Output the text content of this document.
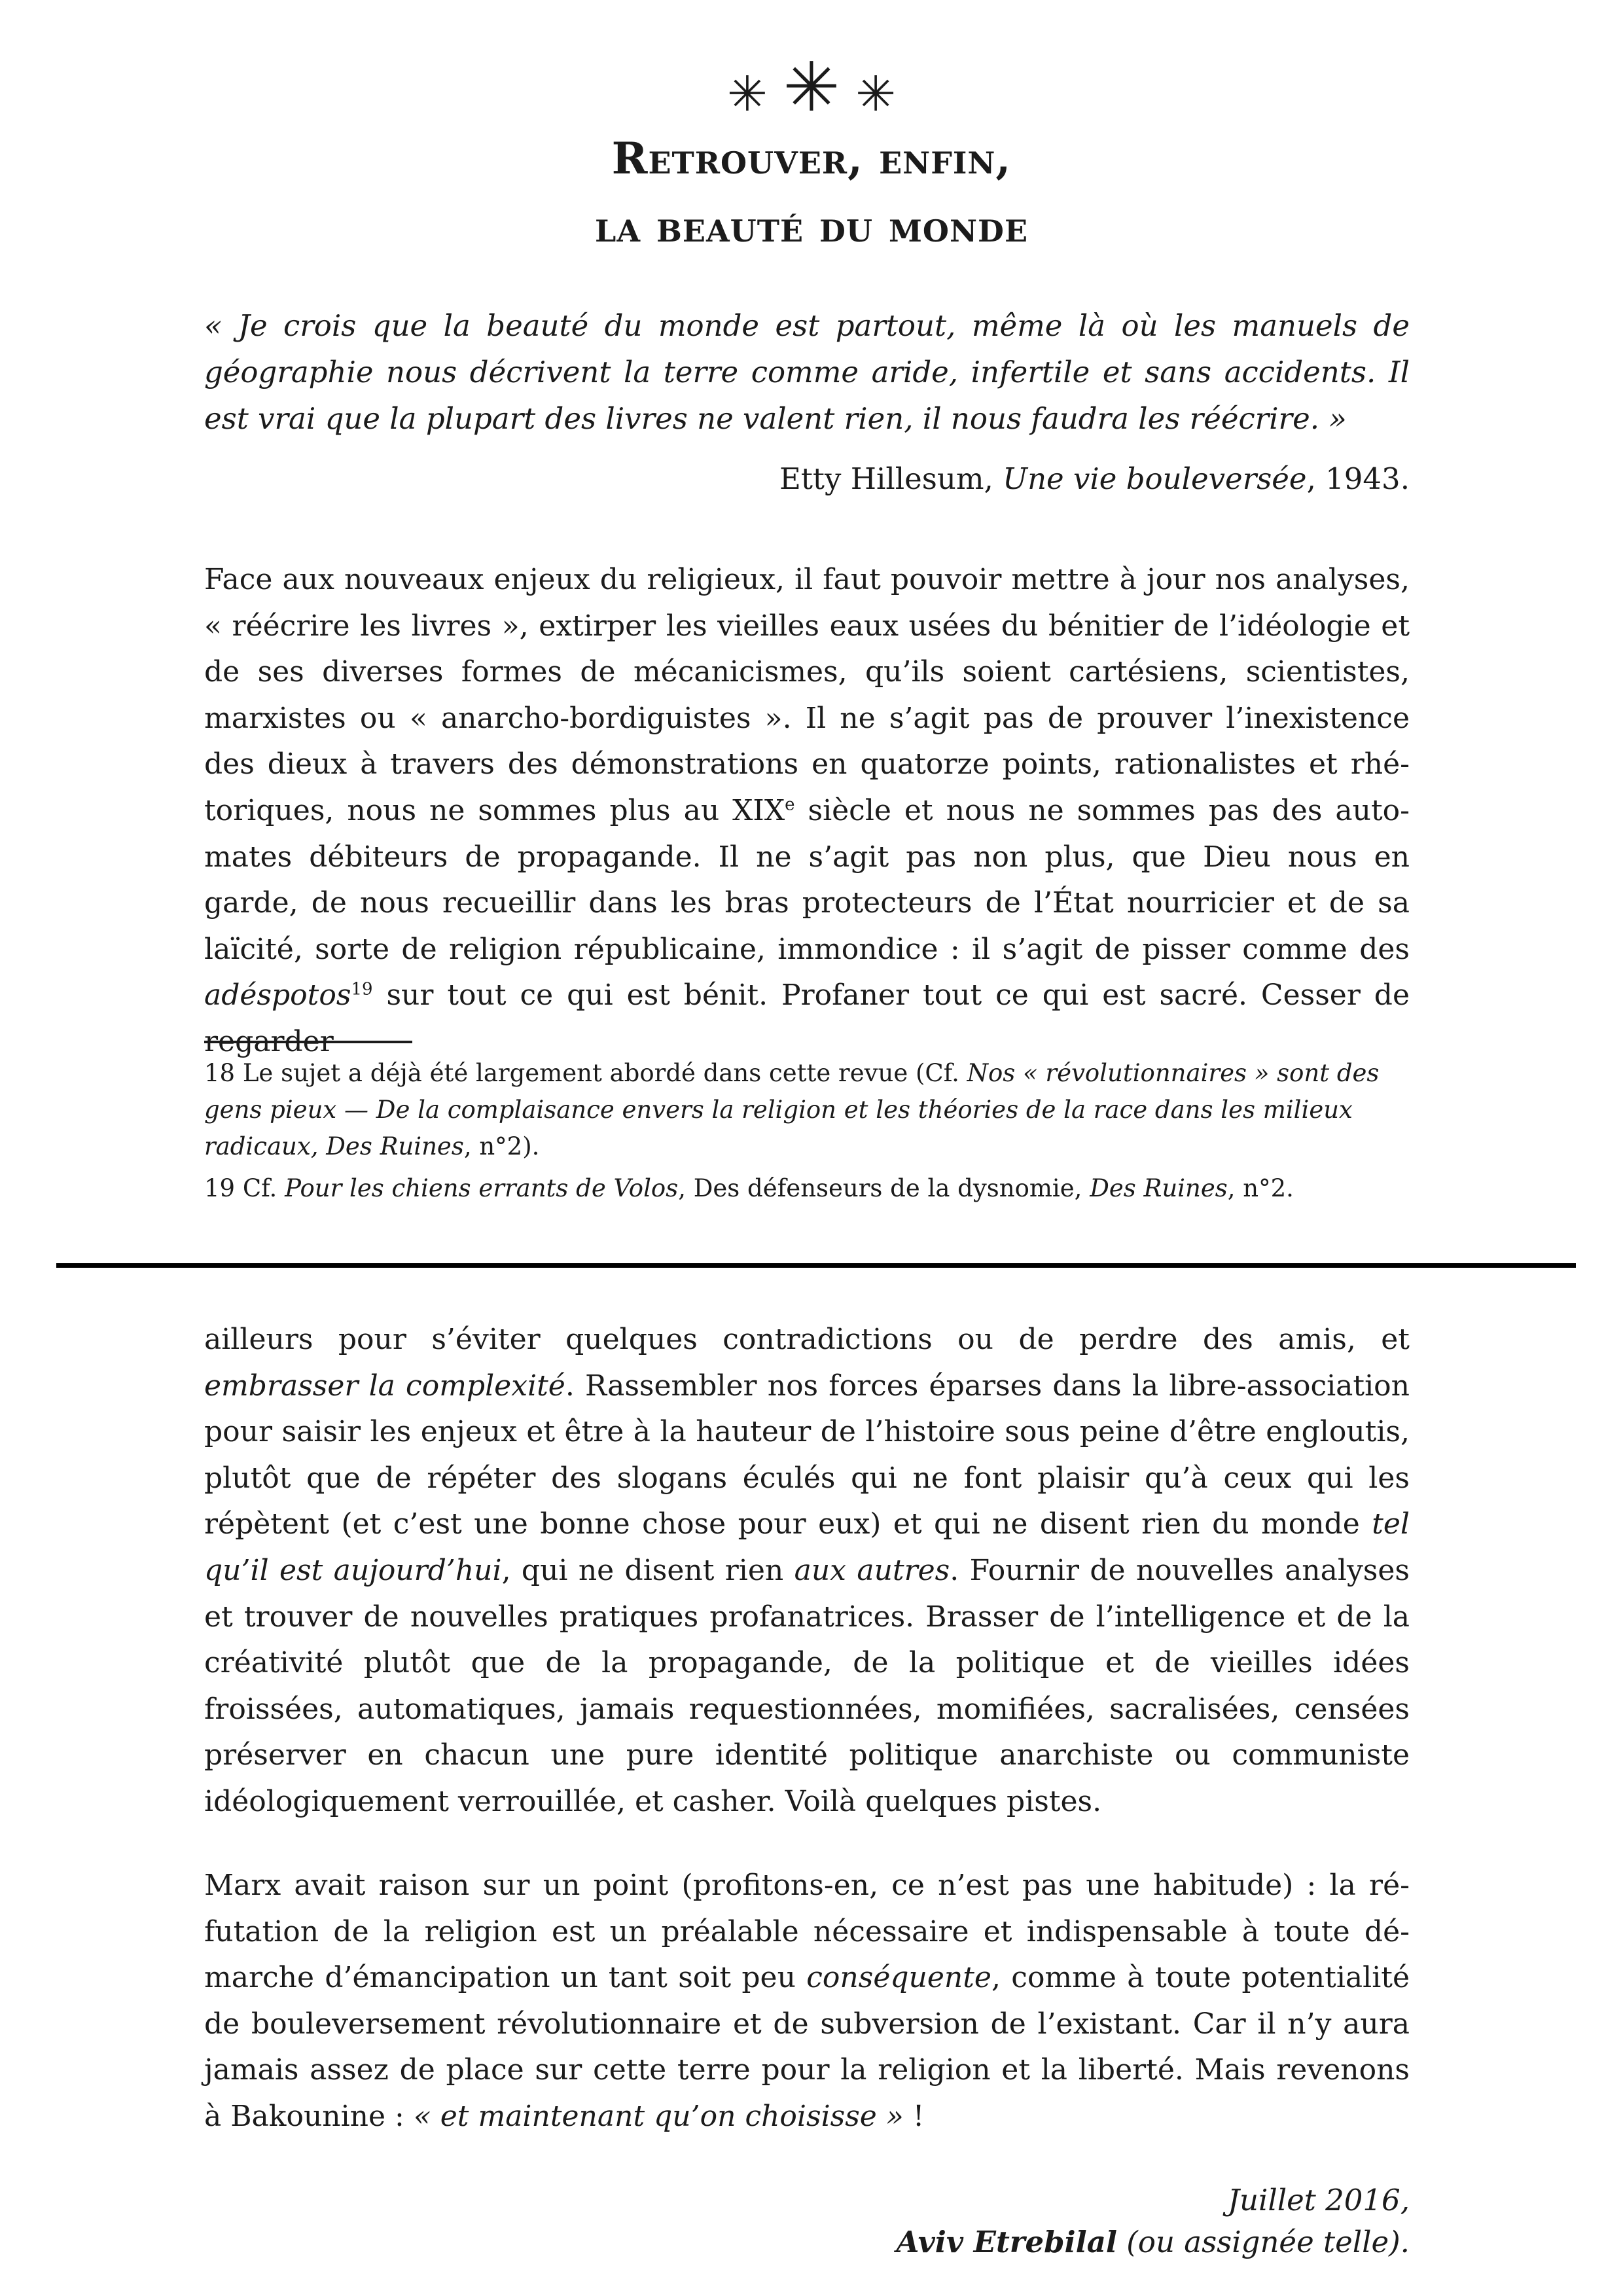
✳ ✳ ✳
Retrouver, enfin,
la beauté du monde

« Je crois que la beauté du monde est partout, même là où les manuels de géographie nous décrivent la terre comme aride, infertile et sans accidents. Il est vrai que la plupart des livres ne valent rien, il nous faudra les réécrire. »

Etty Hillesum, Une vie bouleversée, 1943.

Face aux nouveaux enjeux du religieux, il faut pouvoir mettre à jour nos analyses, « réécrire les livres », extirper les vieilles eaux usées du bénitier de l’idéologie et de ses diverses formes de mécanicismes, qu’ils soient cartésiens, scientistes, marxistes ou « anarcho-bordiguistes ». Il ne s’agit pas de prouver l’inexistence des dieux à travers des démonstrations en quatorze points, rationalistes et rhétoriques, nous ne sommes plus au XIXe siècle et nous ne sommes pas des automates débiteurs de propagande. Il ne s’agit pas non plus, que Dieu nous en garde, de nous recueillir dans les bras protecteurs de l’État nourricier et de sa laïcité, sorte de religion républicaine, immondice : il s’agit de pisser comme des adéspotos$^{19}$ sur tout ce qui est bénit. Profaner tout ce qui est sacré. Cesser de regarder

18 Le sujet a déjà été largement abordé dans cette revue (Cf. Nos « révolutionnaires » sont des gens pieux — De la complaisance envers la religion et les théories de la race dans les milieux radicaux, Des Ruines, n°2).

19 Cf. Pour les chiens errants de Volos, Des défenseurs de la dysnomie, Des Ruines, n°2.

ailleurs pour s’éviter quelques contradictions ou de perdre des amis, et embrasser la complexité. Rassembler nos forces éparses dans la libre-association pour saisir les enjeux et être à la hauteur de l’histoire sous peine d’être engloutis, plutôt que de répéter des slogans éculés qui ne font plaisir qu’à ceux qui les répètent (et c’est une bonne chose pour eux) et qui ne disent rien du monde tel qu’il est aujourd’hui, qui ne disent rien aux autres. Fournir de nouvelles analyses et trouver de nouvelles pratiques profanatrices. Brasser de l’intelligence et de la créativité plutôt que de la propagande, de la politique et de vieilles idées froissées, automatiques, jamais requestionnées, momifiées, sacralisées, censées préserver en chacun une pure identité politique anarchiste ou communiste idéologiquement verrouillée, et casher. Voilà quelques pistes.

Marx avait raison sur un point (profitons-en, ce n’est pas une habitude) : la réfutation de la religion est un préalable nécessaire et indispensable à toute démarche d’émancipation un tant soit peu conséquente, comme à toute potentialité de bouleversement révolutionnaire et de subversion de l’existant. Car il n’y aura jamais assez de place sur cette terre pour la religion et la liberté. Mais revenons à Bakounine : « et maintenant qu’on choisisse » !

Juillet 2016,
Aviv Etrebilal (ou assignée telle).
